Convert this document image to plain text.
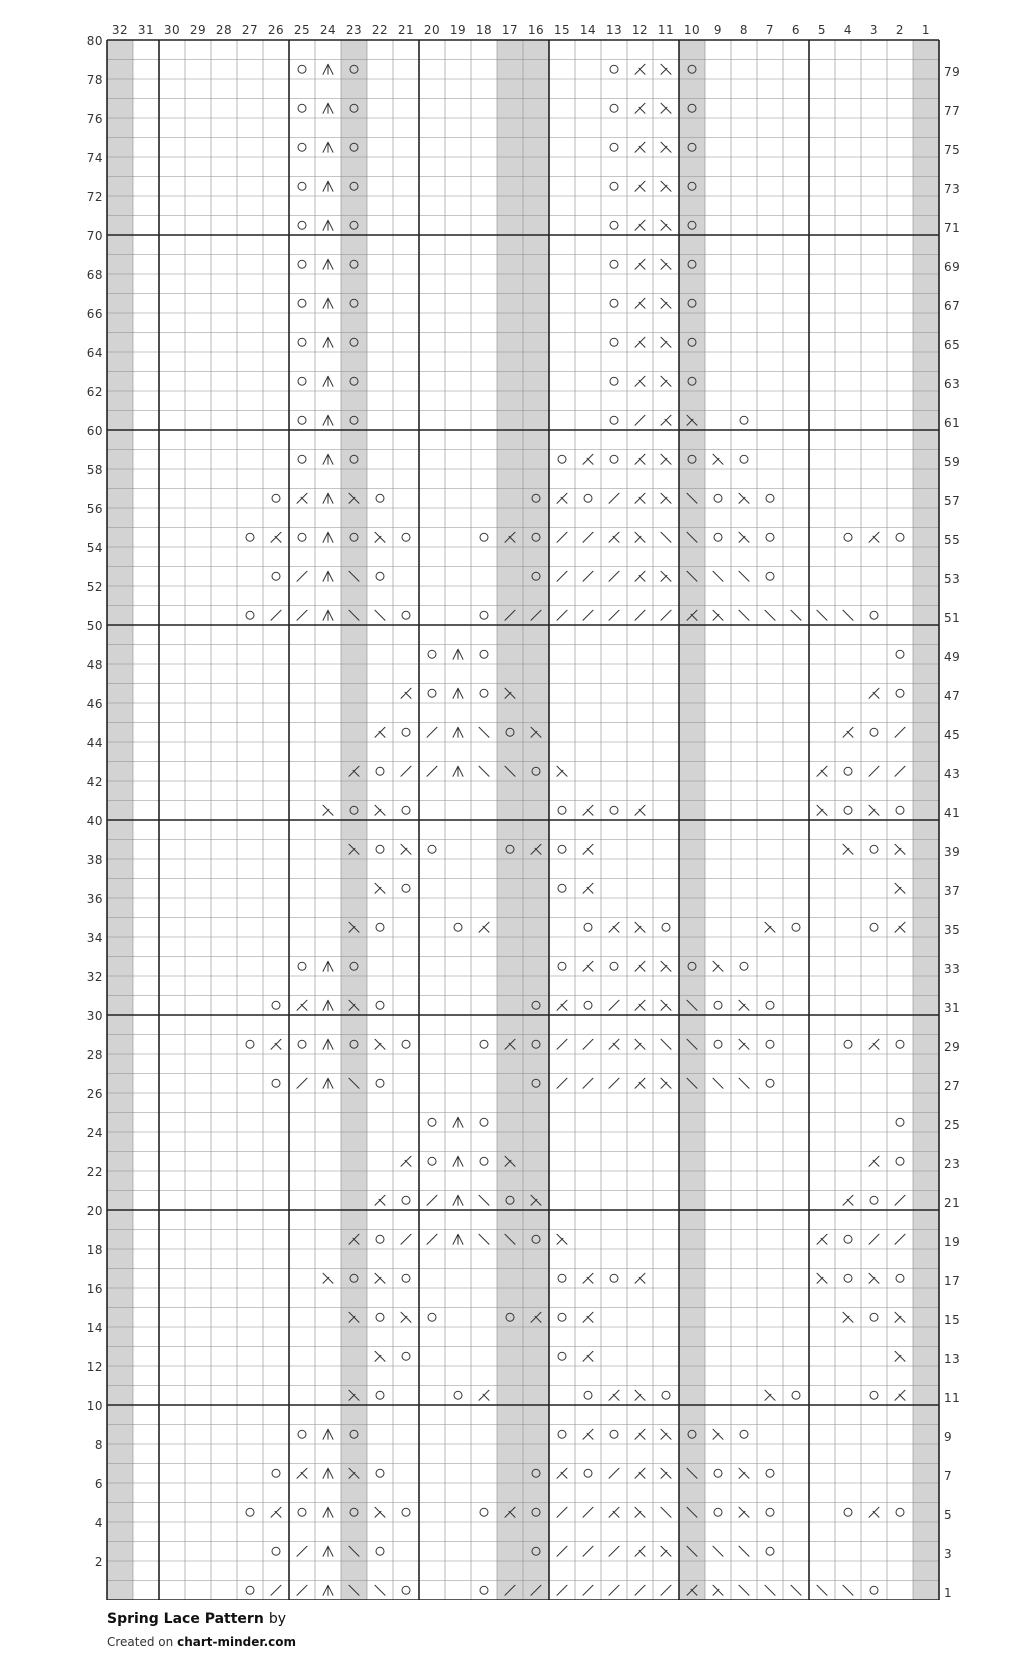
1
2
3
4
5
6
7
8
9
10
11
12
13
14
15
16
17
18
19
20
21
22
23
24
25
26
27
28
29
30
31
32
1
2
3
4
5
6
7
8
9
10
11
12
13
14
15
16
17
18
19
20
21
22
23
24
25
26
27
28
29
30
31
32
33
34
35
36
37
38
39
40
41
42
43
44
45
46
47
48
49
50
51
52
53
54
55
56
57
58
59
60
61
62
63
64
65
66
67
68
69
70
71
72
73
74
75
76
77
78
79
80
Spring Lace Pattern by
Created on chart-minder.com
